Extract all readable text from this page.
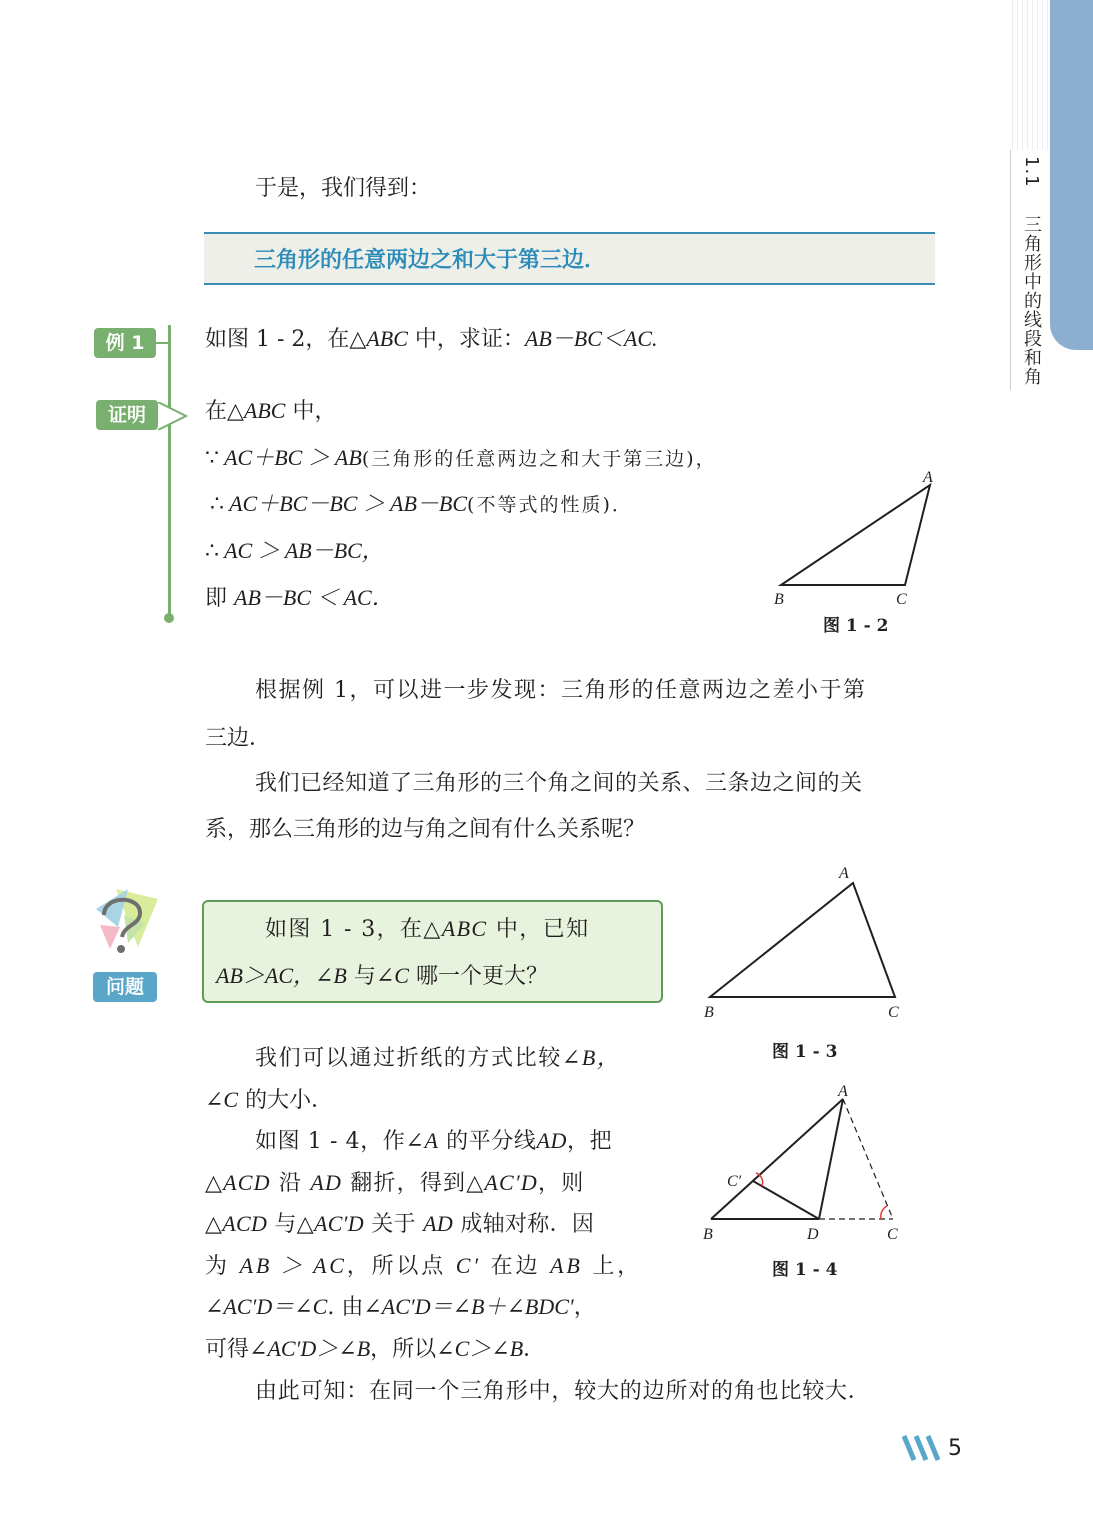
1.1  三角形中的线段和角
于是，我们得到：
三角形的任意两边之和大于第三边．
例 1	如图 1 - 2，在△ABC 中，求证：AB－BC＜AC.
证明	在△ABC 中，
∵ AC＋BC ＞ AB(三角形的任意两边之和大于第三边)，
∴ AC＋BC－BC ＞ AB－BC(不等式的性质)．
∴ AC ＞ AB－BC，
即 AB－BC ＜ AC．
A
B	C
图 1 - 2
根据例 1，可以进一步发现：三角形的任意两边之差小于第
三边．
我们已经知道了三角形的三个角之间的关系、三条边之间的关
系，那么三角形的边与角之间有什么关系呢？
问题
如图 1 - 3，在△ABC 中，已知
AB＞AC，∠B 与∠C 哪一个更大？
A
B	C
图 1 - 3
我们可以通过折纸的方式比较∠B，
∠C 的大小．
如图 1 - 4，作∠A 的平分线AD，把
△ACD 沿 AD 翻折，得到△AC′D，则
△ACD 与△AC′D 关于 AD 成轴对称．因
为 AB ＞ AC，所以点 C′ 在边 AB 上，
∠AC′D＝∠C. 由∠AC′D＝∠B＋∠BDC′，
可得∠AC′D＞∠B，所以∠C＞∠B．
A
B	C
C′
D
图 1 - 4
由此可知：在同一个三角形中，较大的边所对的角也比较大．
5
